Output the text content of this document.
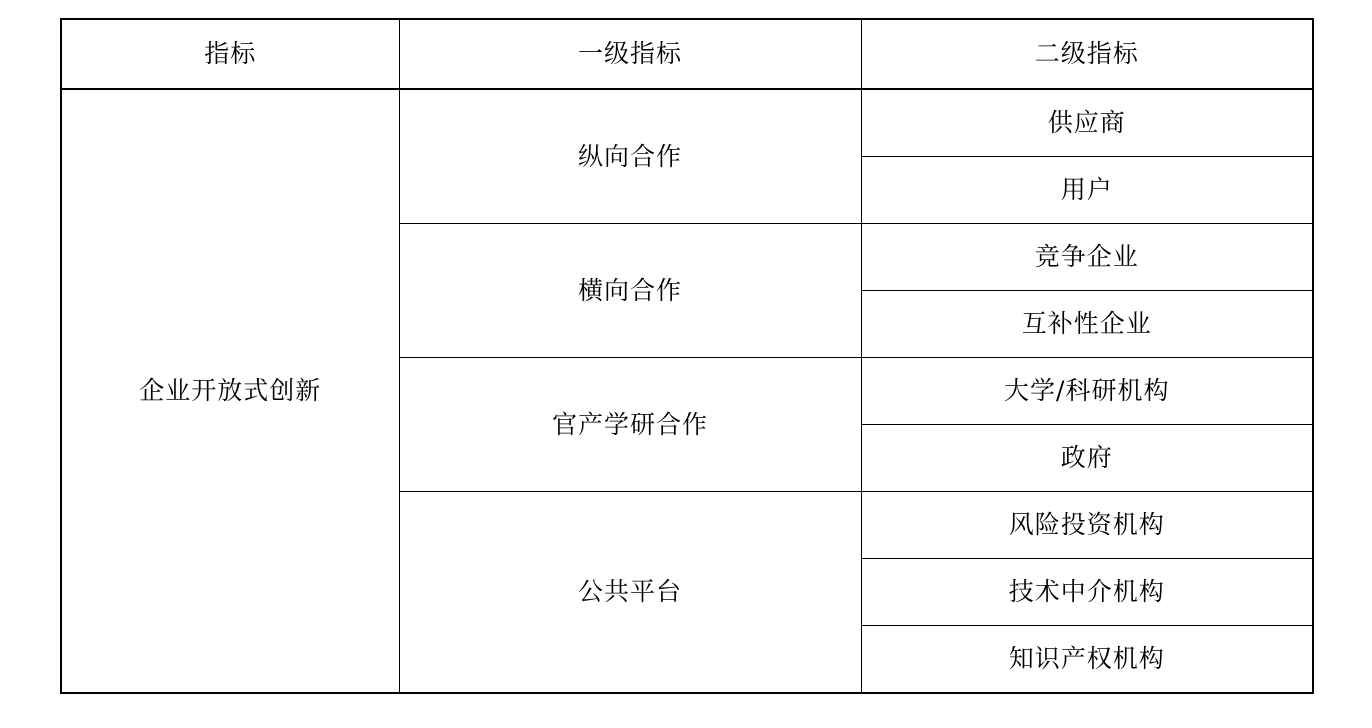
指标	一级指标	二级指标
企业开放式创新	纵向合作	供应商
		用户
	横向合作	竞争企业
		互补性企业
	官产学研合作	大学/科研机构
		政府
	公共平台	风险投资机构
		技术中介机构
		知识产权机构
